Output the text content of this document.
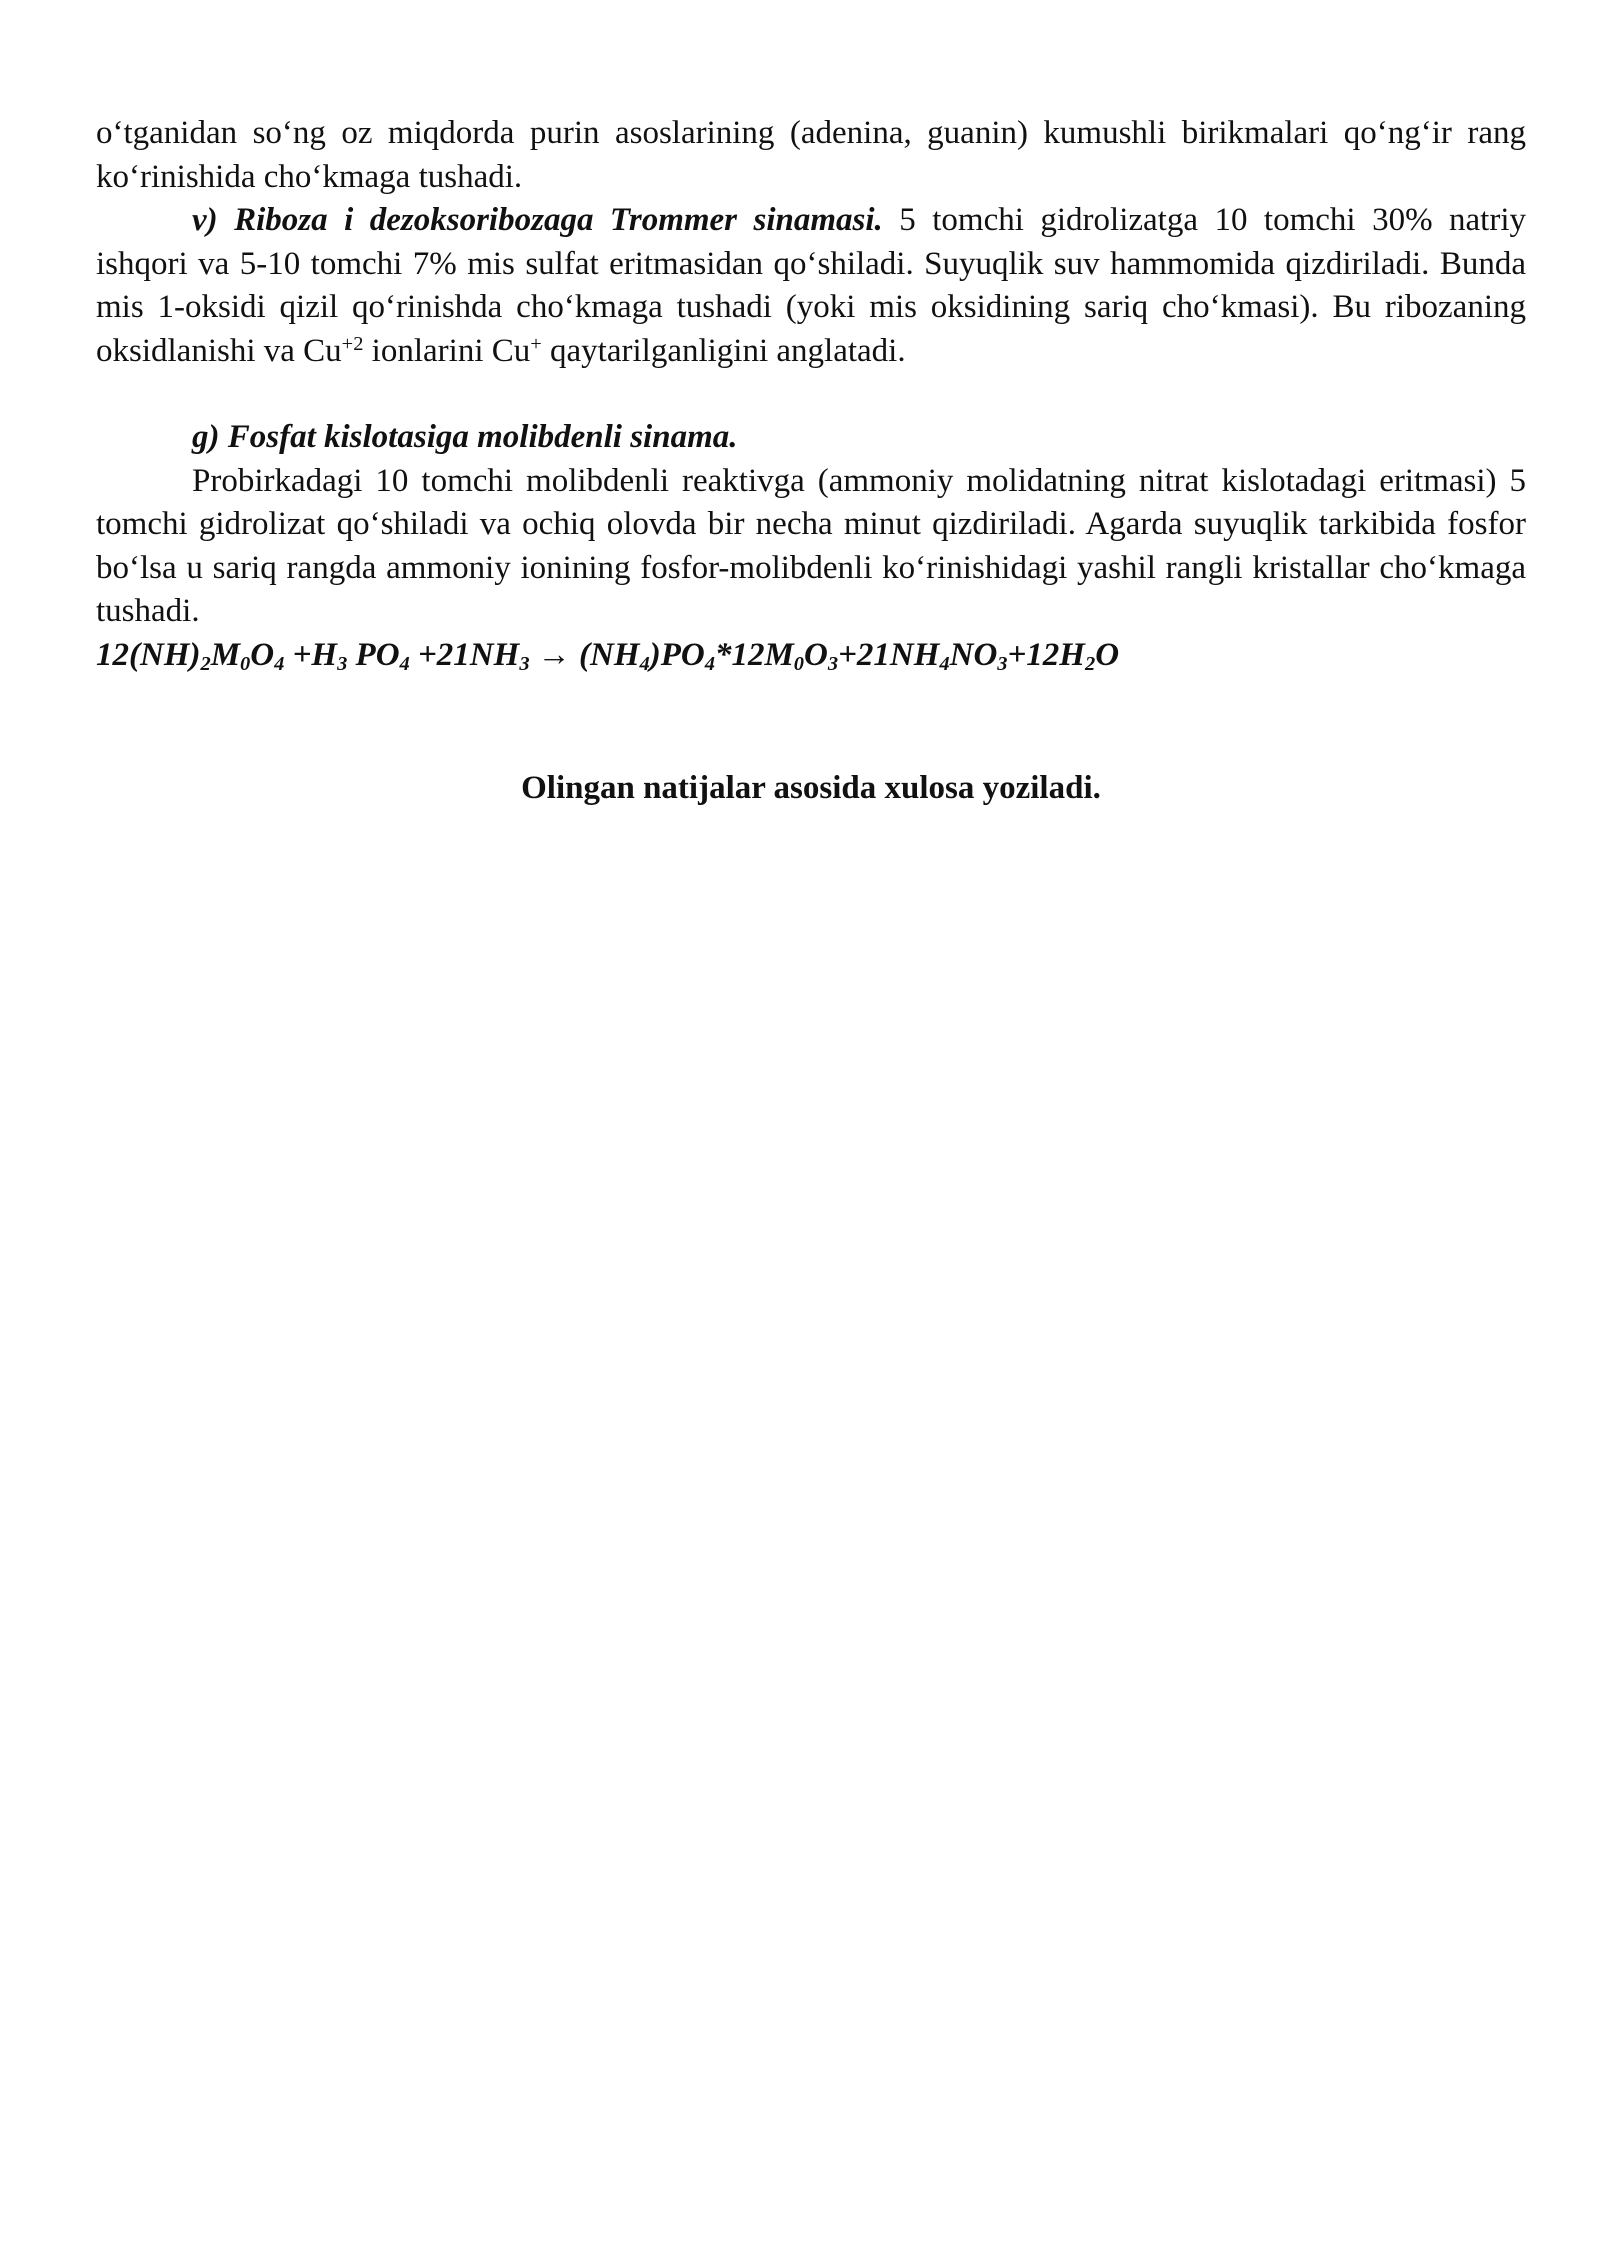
o‘tganidan so‘ng oz miqdorda purin asoslarining (adenina, guanin) kumushli birikmalari qo‘ng‘ir rang ko‘rinishida cho‘kmaga tushadi.

v) Riboza i dezoksoribozaga Trommer sinamasi. 5 tomchi gidrolizatga 10 tomchi 30% natriy ishqori va 5-10 tomchi 7% mis sulfat eritmasidan qo‘shiladi. Suyuqlik suv hammomida qizdiriladi. Bunda mis 1-oksidi qizil qo‘rinishda cho‘kmaga tushadi (yoki mis oksidining sariq cho‘kmasi). Bu ribozaning oksidlanishi va $Cu^{+2}$ ionlarini Cu+ qaytarilganligini anglatadi.

g) Fosfat kislotasiga molibdenli sinama.

Probirkadagi 10 tomchi molibdenli reaktivga (ammoniy molidatning nitrat kislotadagi eritmasi) 5 tomchi gidrolizat qo‘shiladi va ochiq olovda bir necha minut qizdiriladi. Agarda suyuqlik tarkibida fosfor bo‘lsa u sariq rangda ammoniy ionining fosfor-molibdenli ko‘rinishidagi yashil rangli kristallar cho‘kmaga tushadi.

$12(NH)_2M_0O_4 +H_3$ $PO_4 +21NH_3 \to (NH_4)PO_4*12M_0O_3+21NH_4NO_3+12H_2O$
Olingan natijalar asosida xulosa yoziladi.
